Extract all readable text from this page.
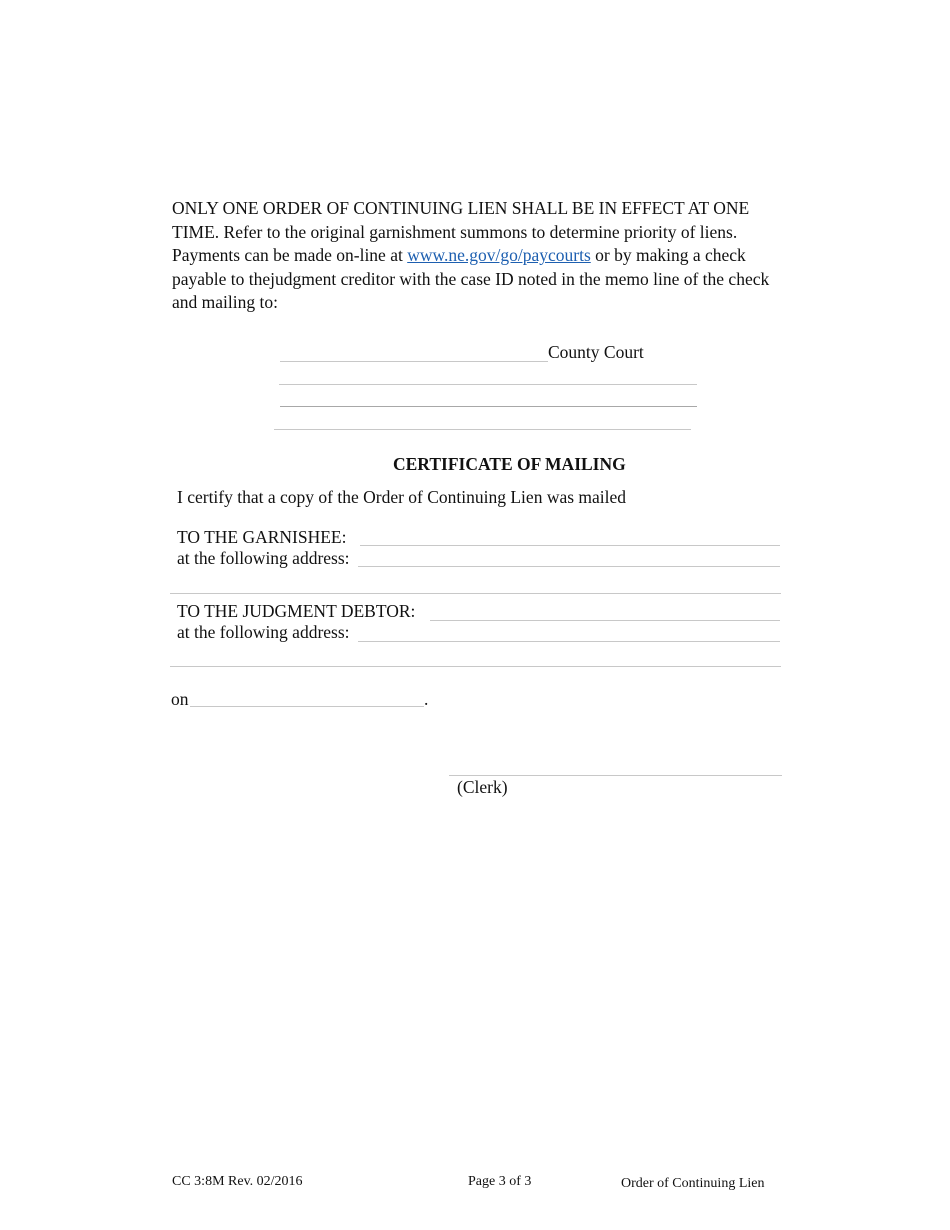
ONLY ONE ORDER OF CONTINUING LIEN SHALL BE IN EFFECT AT ONE TIME. Refer to the original garnishment summons to determine priority of liens. Payments can be made on-line at www.ne.gov/go/paycourts or by making a check payable to thejudgment creditor with the case ID noted in the memo line of the check and mailing to:

County Court
CERTIFICATE OF MAILING
I certify that a copy of the Order of Continuing Lien was mailed
TO THE GARNISHEE:
at the following address:
TO THE JUDGMENT DEBTOR:
at the following address:
on	.
(Clerk)
CC 3:8M Rev. 02/2016	Page 3 of 3	Order of Continuing Lien
